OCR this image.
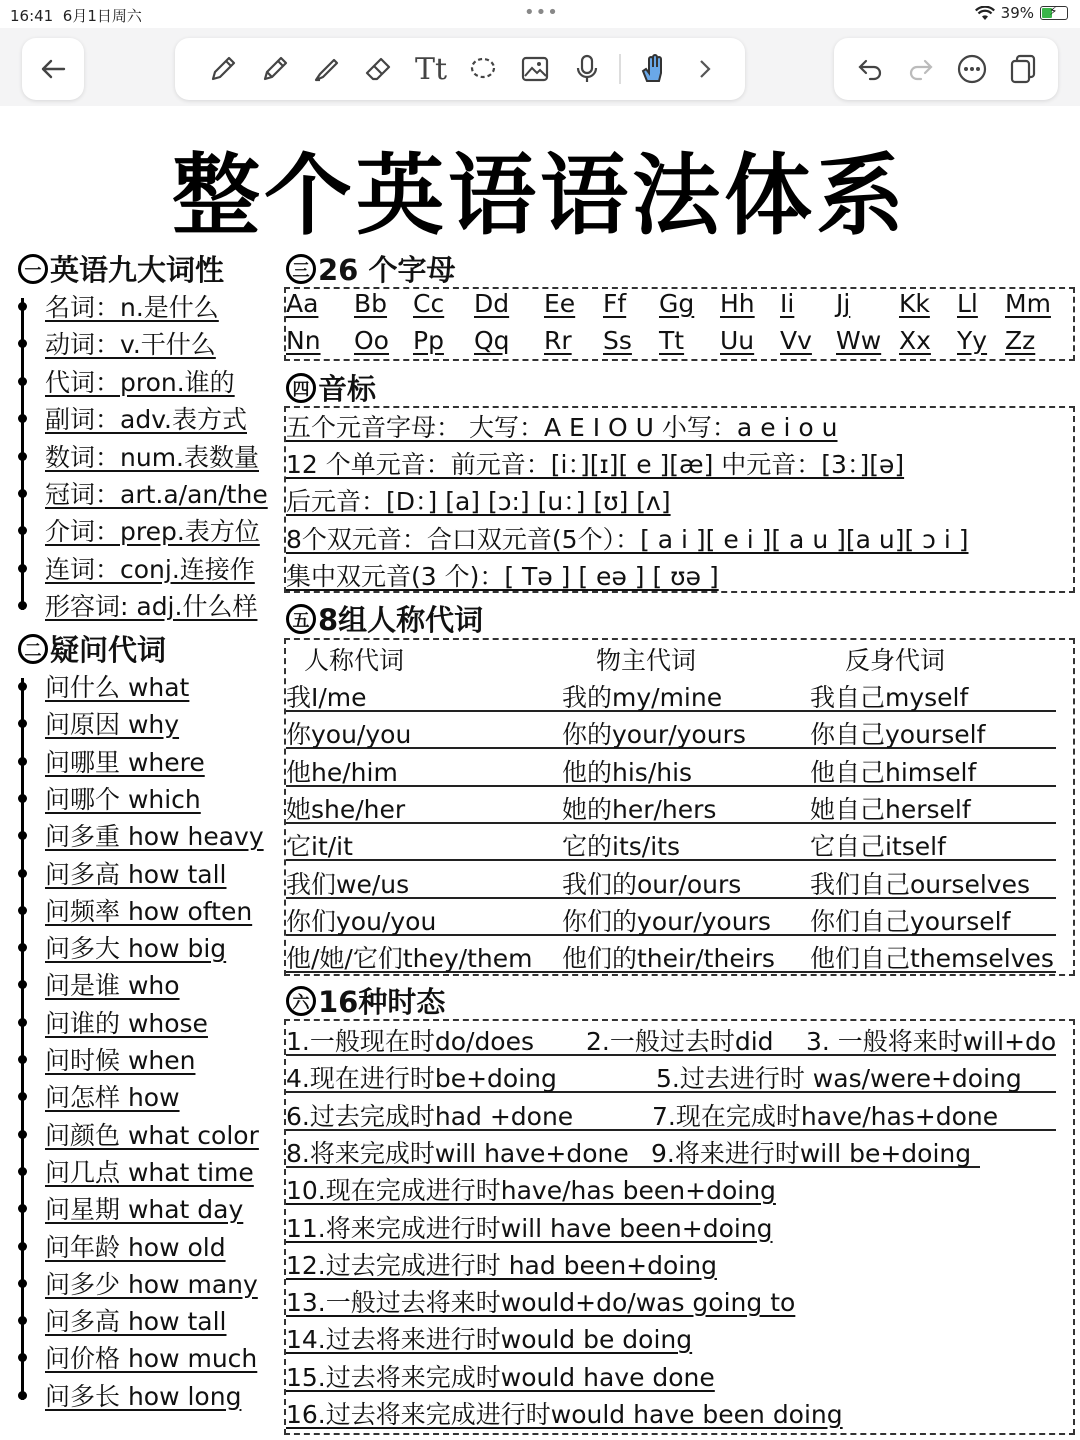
16:41 6月1日周六	•••	39% ⚡
Tt
整个英语语法体系
一 英语九大词性
名词：n.是什么
动词：v.干什么
代词：pron.谁的
副词：adv.表方式
数词：num.表数量
冠词：art.a/an/the
介词：prep.表方位
连词：conj.连接作
形容词: adj.什么样
二 疑问代词
问什么 what
问原因 why
问哪里 where
问哪个 which
问多重 how heavy
问多高 how tall
问频率 how often
问多大 how big
问是谁 who
问谁的 whose
问时候 when
问怎样 how
问颜色 what color
问几点 what time
问星期 what day
问年龄 how old
问多少 how many
问多高 how tall
问价格 how much
问多长 how long
三 26 个字母
Aa Bb Cc Dd Ee Ff Gg Hh Ii Jj Kk Ll Mm
Nn Oo Pp Qq Rr Ss Tt Uu Vv Ww Xx Yy Zz
四 音标
五个元音字母： 大写：A E I O U 小写：a e i o u
12 个单元音：前元音：[i：][ɪ][ e ][æ] 中元音：[3：][ə]
后元音：[D：] [a] [ɔ:] [u：] [ʊ] [ʌ]
8个双元音：合口双元音(5个）：[ a i ][ e i ][ a u ][a u][ ɔ i ]
集中双元音(3 个)：[ Tə ] [ eə ] [ ʊə ]
五 8组人称代词
人称代词	物主代词	反身代词
我I/me	我的my/mine	我自己myself
你you/you	你的your/yours	你自己yourself
他he/him	他的his/his	他自己himself
她she/her	她的her/hers	她自己herself
它it/it	它的its/its	它自己itself
我们we/us	我们的our/ours	我们自己ourselves
你们you/you	你们的your/yours 你们自己yourself
他/她/它们they/them 他们的their/theirs 他们自己themselves
六 16种时态
1.一般现在时do/does 2.一般过去时did 3. 一般将来时will+do
4.现在进行时be+doing	5.过去进行时 was/were+doing
6.过去完成时had +done	7.现在完成时have/has+done
8.将来完成时will have+done 9.将来进行时will be+doing
10.现在完成进行时have/has been+doing
11.将来完成进行时will have been+doing
12.过去完成进行时 had been+doing
13.一般过去将来时would+do/was going to
14.过去将来进行时would be doing
15.过去将来完成时would have done
16.过去将来完成进行时would have been doing
